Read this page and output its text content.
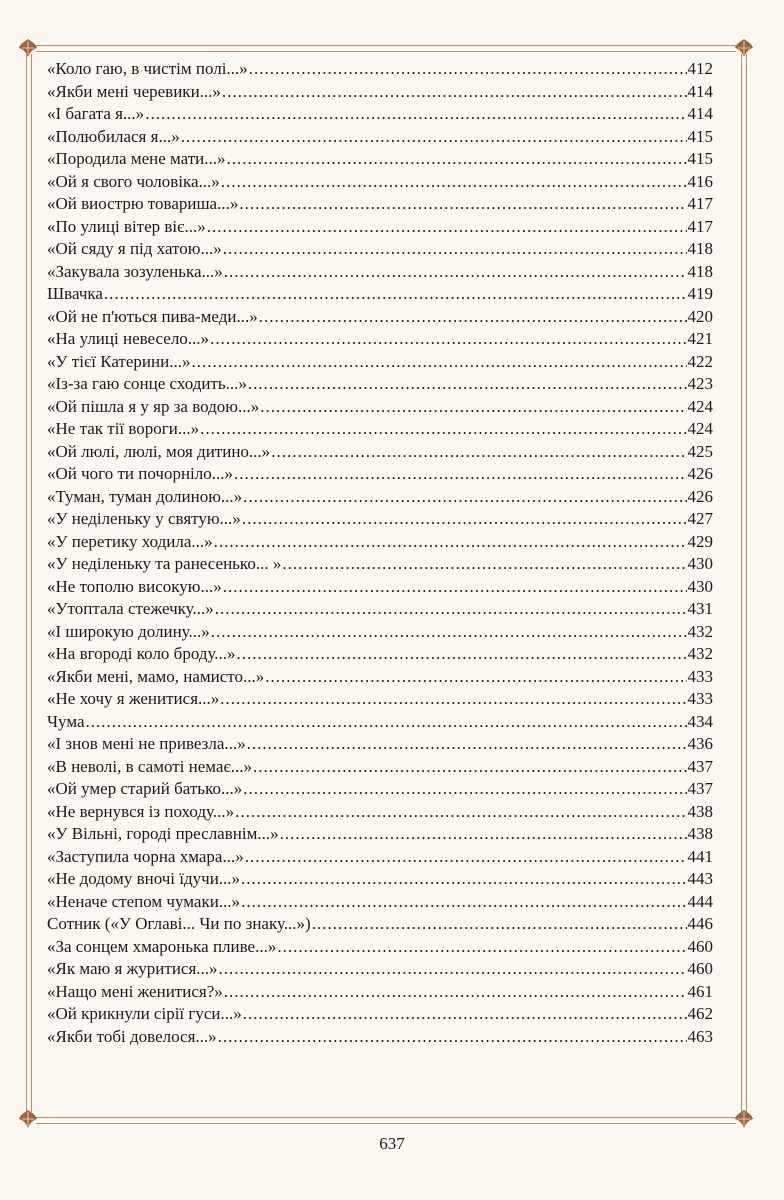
«Коло гаю, в чистім полі...» .....	412
«Якби мені черевики...» .....	414
«І багата я...» .....	414
«Полюбилася я...» .....	415
«Породила мене мати...» .....	415
«Ой я свого чоловіка...» .....	416
«Ой виострю товариша...» .....	417
«По улиці вітер віє...» .....	417
«Ой сяду я під хатою...» .....	418
«Закувала зозуленька...» .....	418
Швачка .....	419
«Ой не п'ються пива-меди...» .....	420
«На улиці невесело...» .....	421
«У тієї Катерини...» .....	422
«Із-за гаю сонце сходить...» .....	423
«Ой пішла я у яр за водою...» .....	424
«Не так тії вороги...» .....	424
«Ой люлі, люлі, моя дитино...» .....	425
«Ой чого ти почорніло...» .....	426
«Туман, туман долиною...» .....	426
«У неділеньку у святую...» .....	427
«У перетику ходила...» .....	429
«У неділеньку та ранесенько... » .....	430
«Не тополю високую...» .....	430
«Утоптала стежечку...» .....	431
«І широкую долину...» .....	432
«На вгороді коло броду...» .....	432
«Якби мені, мамо, намисто...» .....	433
«Не хочу я женитися...» .....	433
Чума .....	434
«І знов мені не привезла...» .....	436
«В неволі, в самоті немає...» .....	437
«Ой умер старий батько...» .....	437
«Не вернувся із походу...» .....	438
«У Вільні, городі преславнім...» .....	438
«Заступила чорна хмара...» .....	441
«Не додому вночі їдучи...» .....	443
«Неначе степом чумаки...» .....	444
Сотник («У Оглаві... Чи по знаку...») .....	446
«За сонцем хмаронька пливе...» .....	460
«Як маю я журитися...» .....	460
«Нащо мені женитися?» .....	461
«Ой крикнули сірії гуси...» .....	462
«Якби тобі довелося...» .....	463
637
